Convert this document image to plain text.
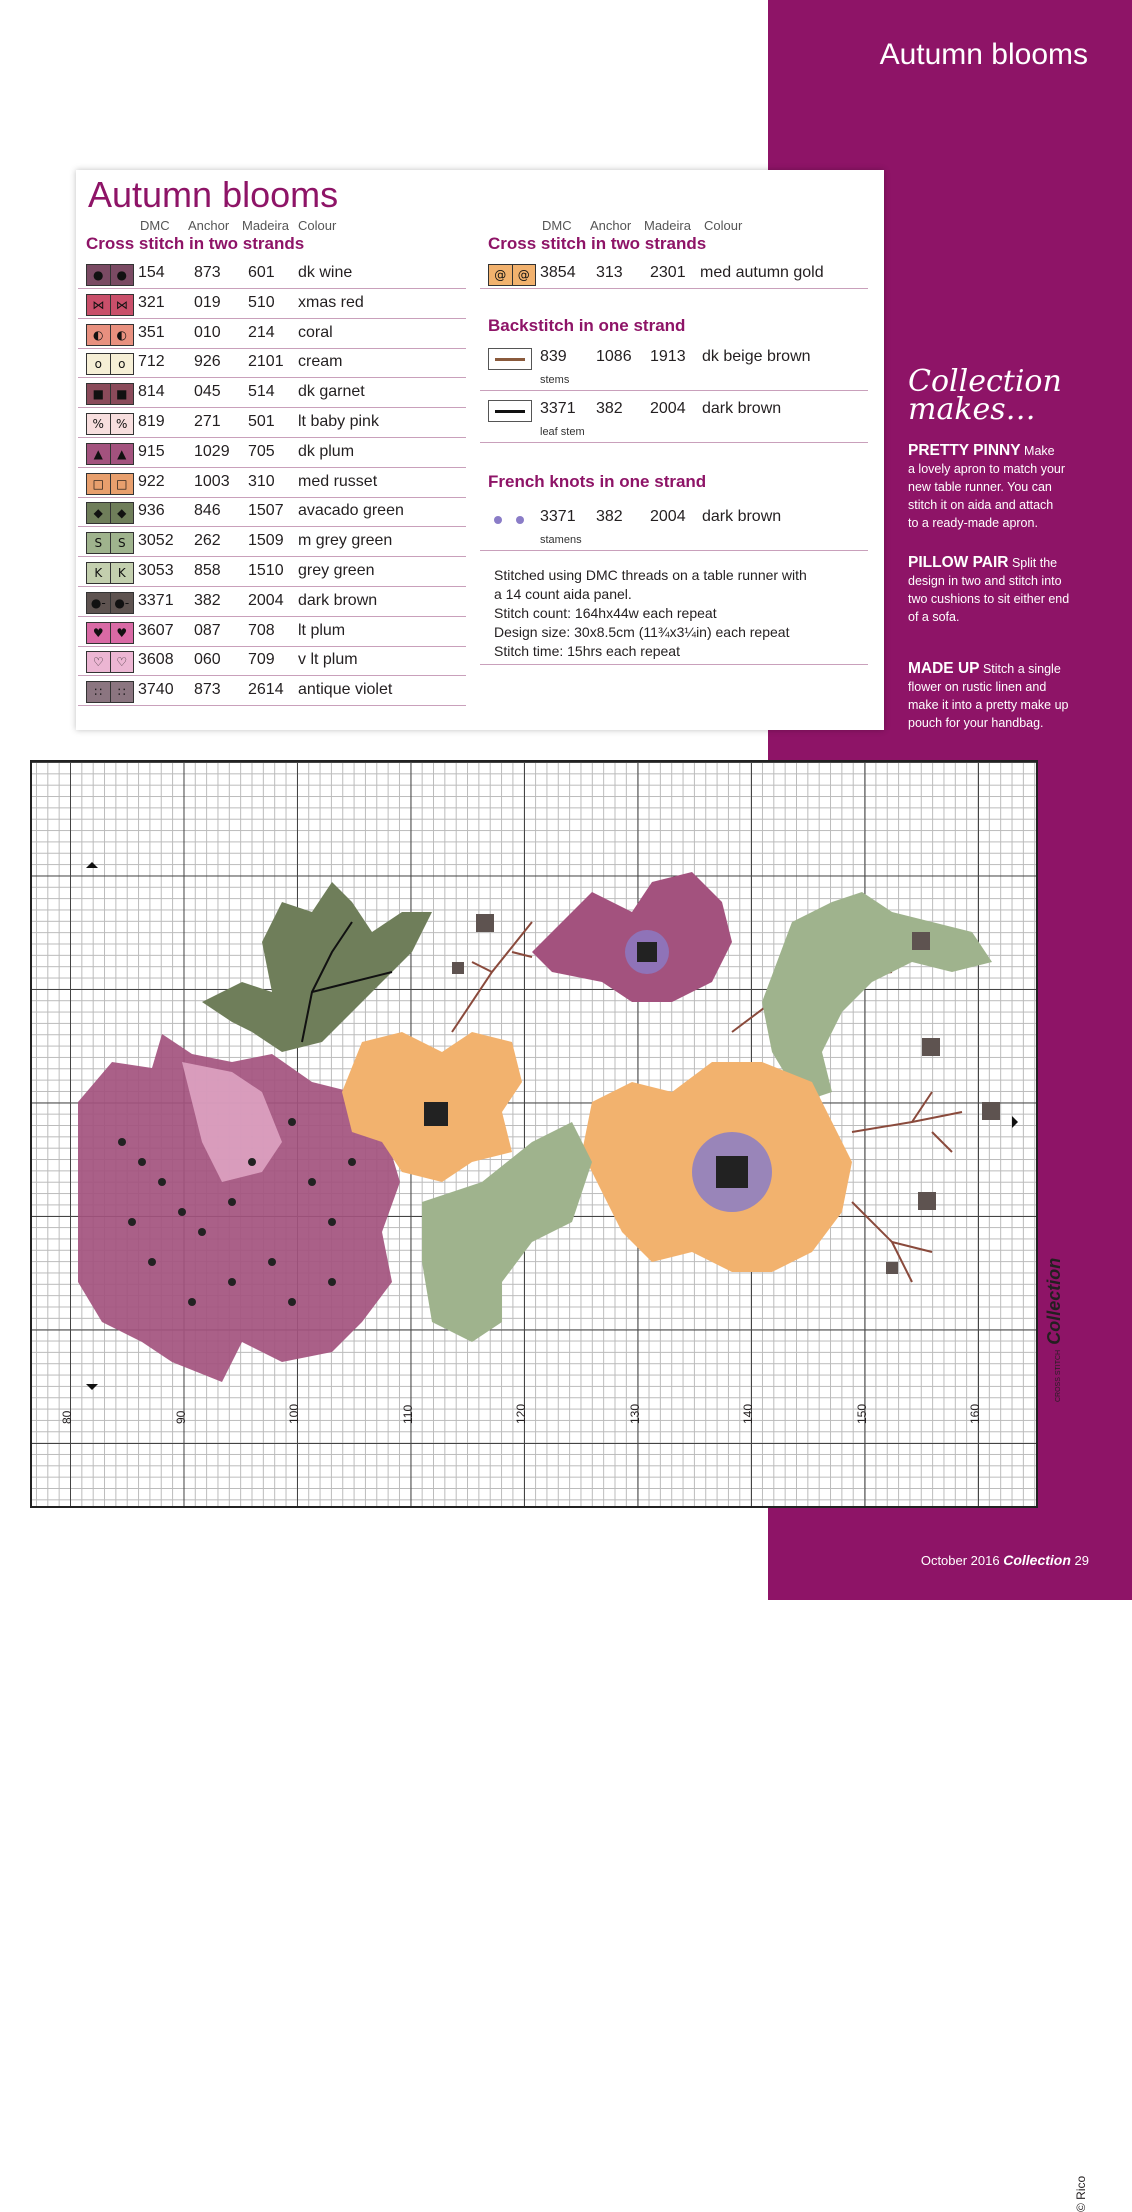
Autumn blooms
Collection
makes…
PRETTY PINNY Make
a lovely apron to match your
new table runner. You can
stitch it on aida and attach
to a ready-made apron.
PILLOW PAIR Split the
design in two and stitch into
two cushions to sit either end
of a sofa.
MADE UP Stitch a single
flower on rustic linen and
make it into a pretty make up
pouch for your handbag.
October 2016 Collection 29
Autumn blooms
DMC Anchor Madeira Colour	DMC Anchor Madeira Colour
Cross stitch in two strands	Cross stitch in two strands
●	● 154 873 601 dk wine
⋈ ⋈ 321 019 510 xmas red
◐	◐ 351 010 214 coral
o	o 712 926 2101 cream
■	■ 814 045 514 dk garnet
%	% 819 271 501 lt baby pink
▲	▲ 915 1029 705 dk plum
□	□ 922 1003 310 med russet
◆	◆ 936 846 1507 avacado green
S	S 3052 262 1509 m grey green
K	K 3053 858 1510 grey green
●- ●- 3371 382 2004 dark brown
♥	♥ 3607 087 708 lt plum
♡	♡ 3608 060 709 v lt plum
∷	∷ 3740 873 2614 antique violet
@ @ 3854 313 2301 med autumn gold
Backstitch in one strand
839 1086 1913 dk beige brown
stems
3371 382 2004 dark brown
leaf stem
French knots in one strand
3371 382 2004 dark brown
stamens
Stitched using DMC threads on a table runner with
a 14 count aida panel.
Stitch count: 164hx44w each repeat
Design size: 30x8.5cm (11¾x3¼in) each repeat
Stitch time: 15hrs each repeat
80	90	100	110	120	130	140	150	160
© Rico
CROSS STITCH Collection
